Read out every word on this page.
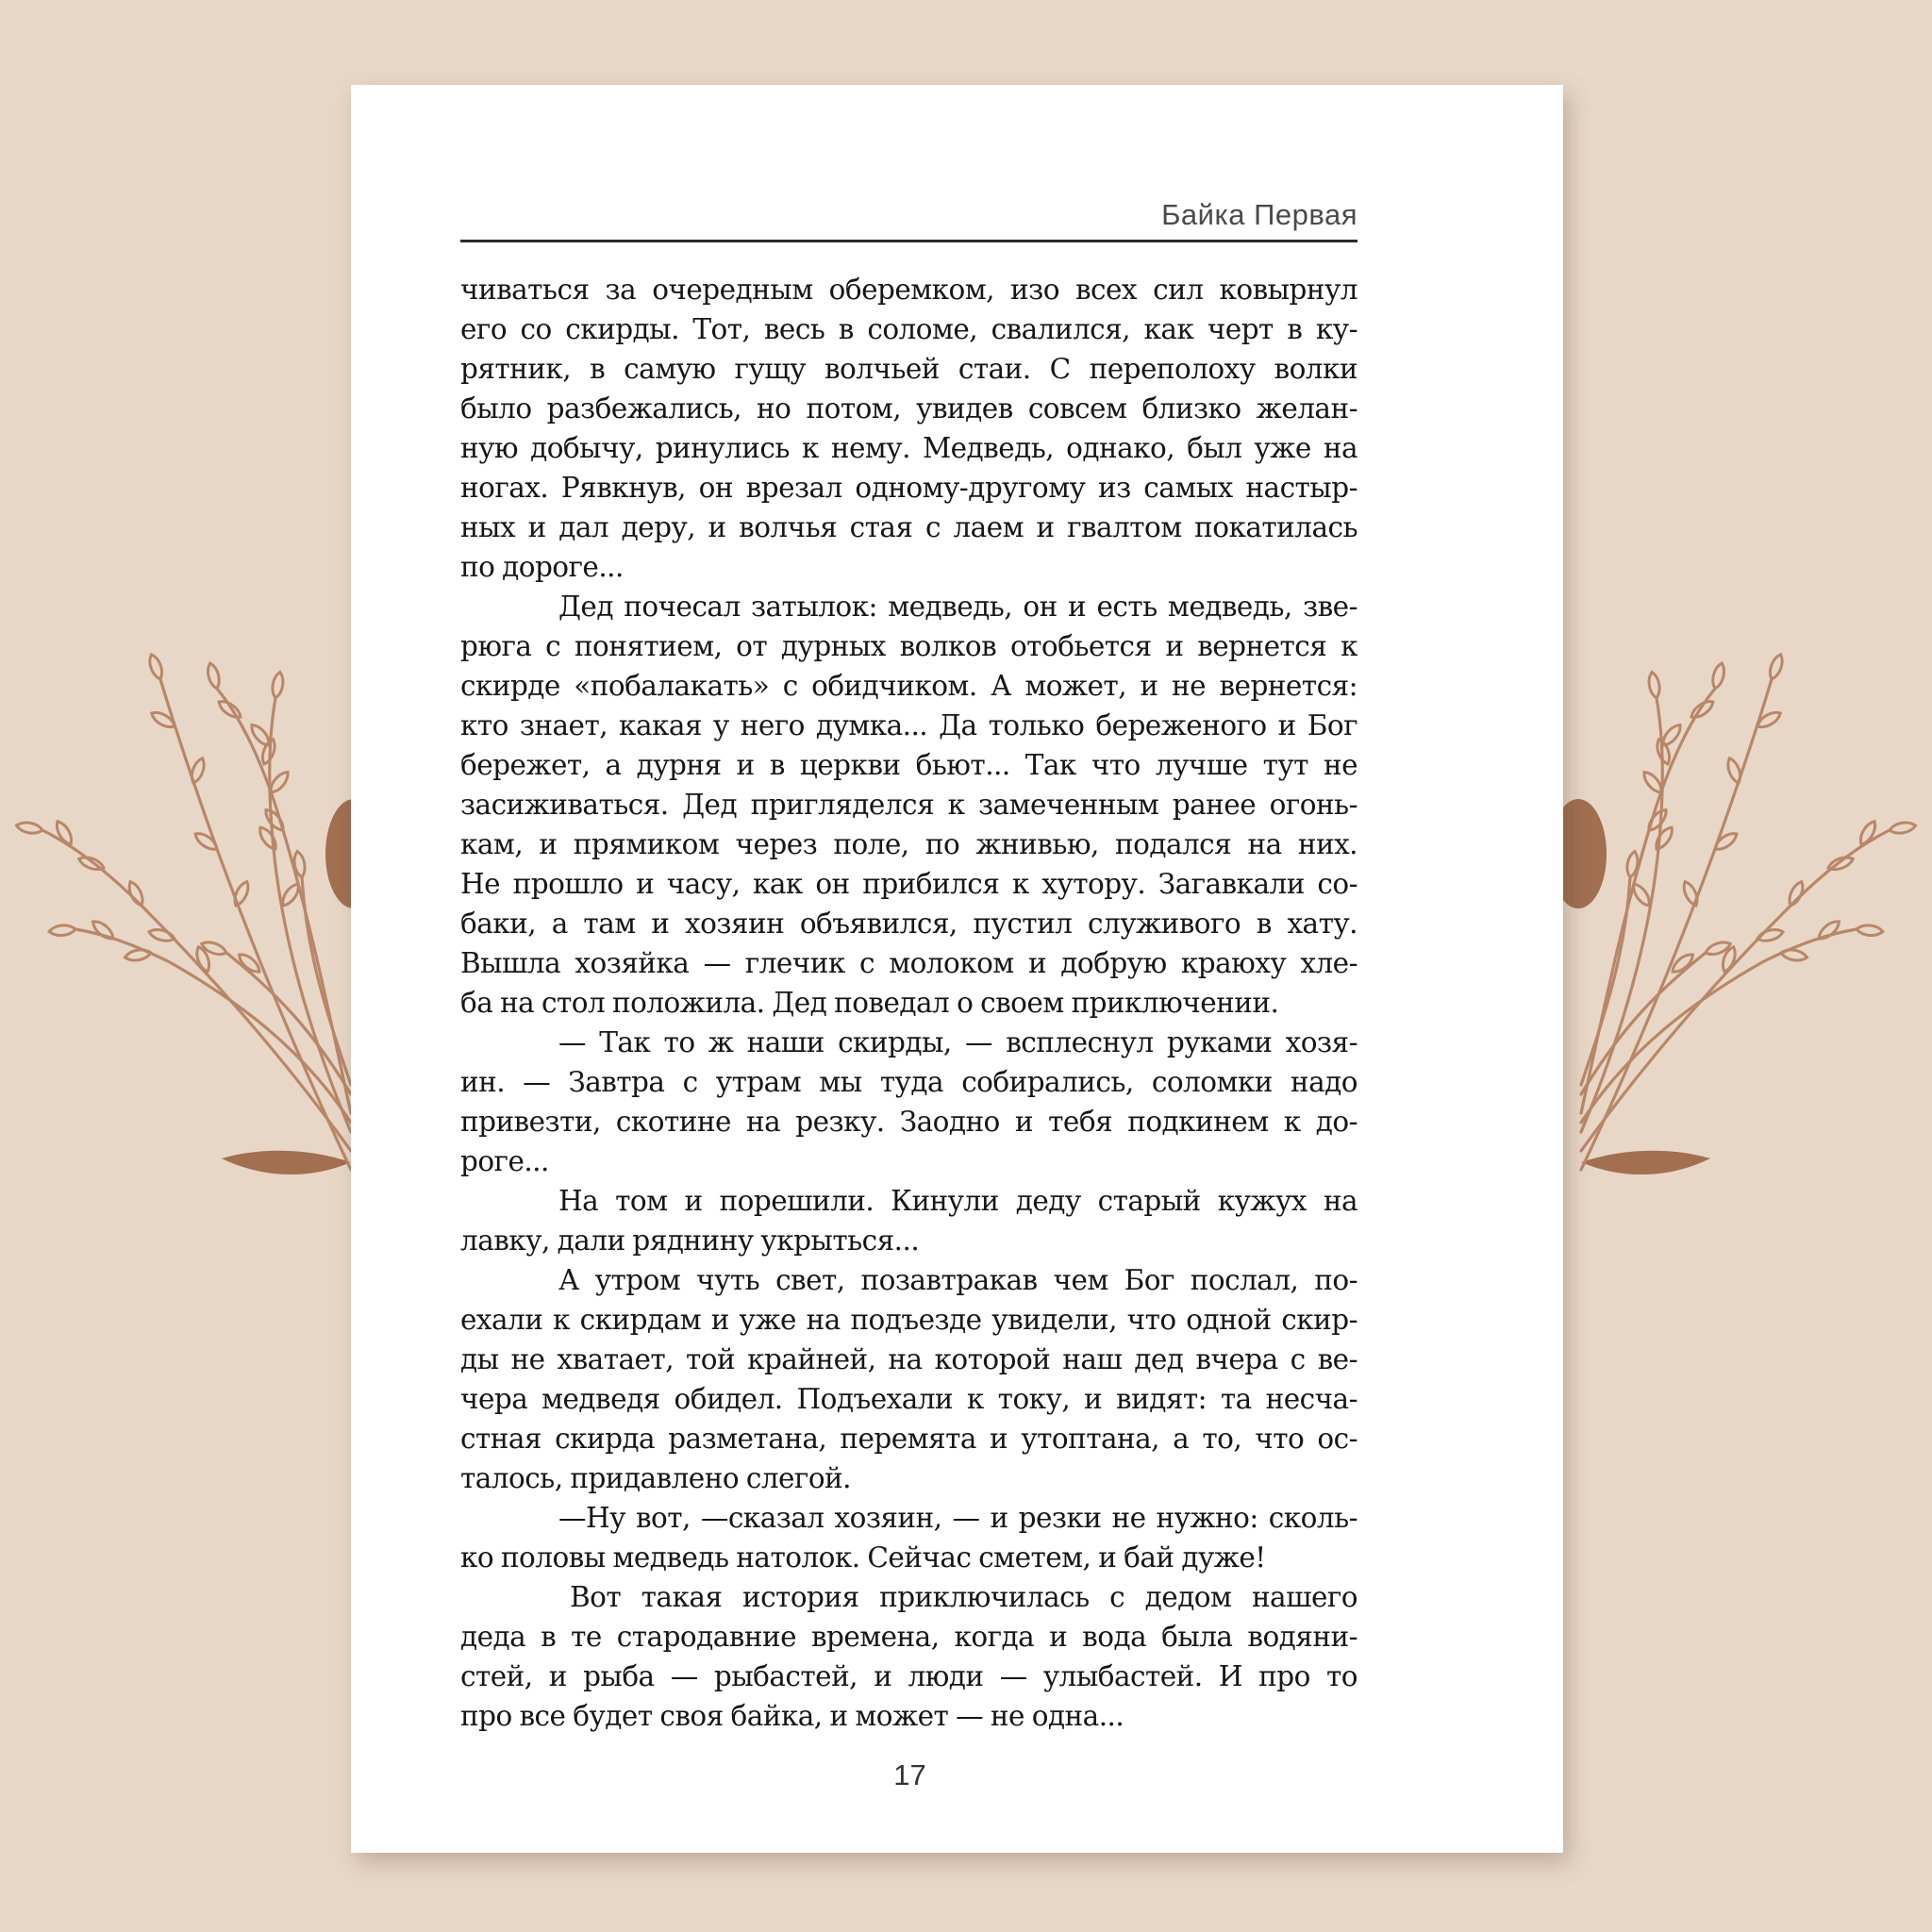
Байка Первая
чиваться за очередным оберемком, изо всех сил ковырнул
его со скирды. Тот, весь в соломе, свалился, как черт в ку-
рятник, в самую гущу волчьей стаи. С переполоху волки
было разбежались, но потом, увидев совсем близко желан-
ную добычу, ринулись к нему. Медведь, однако, был уже на
ногах. Рявкнув, он врезал одному-другому из самых настыр-
ных и дал деру, и волчья стая с лаем и гвалтом покатилась
по дороге...
Дед почесал затылок: медведь, он и есть медведь, зве-
рюга с понятием, от дурных волков отобьется и вернется к
скирде «побалакать» с обидчиком. А может, и не вернется:
кто знает, какая у него думка... Да только береженого и Бог
бережет, а дурня и в церкви бьют... Так что лучше тут не
засиживаться. Дед пригляделся к замеченным ранее огонь-
кам, и прямиком через поле, по жнивью, подался на них.
Не прошло и часу, как он прибился к хутору. Загавкали со-
баки, а там и хозяин объявился, пустил служивого в хату.
Вышла хозяйка — глечик с молоком и добрую краюху хле-
ба на стол положила. Дед поведал о своем приключении.
— Так то ж наши скирды, — всплеснул руками хозя-
ин. — Завтра с утрам мы туда собирались, соломки надо
привезти, скотине на резку. Заодно и тебя подкинем к до-
роге...
На том и порешили. Кинули деду старый кужух на
лавку, дали ряднину укрыться...
А утром чуть свет, позавтракав чем Бог послал, по-
ехали к скирдам и уже на подъезде увидели, что одной скир-
ды не хватает, той крайней, на которой наш дед вчера с ве-
чера медведя обидел. Подъехали к току, и видят: та несча-
стная скирда разметана, перемята и утоптана, а то, что ос-
талось, придавлено слегой.
—Ну вот, —сказал хозяин, — и резки не нужно: сколь-
ко половы медведь натолок. Сейчас сметем, и бай дуже!
Вот такая история приключилась с дедом нашего
деда в те стародавние времена, когда и вода была водяни-
стей, и рыба — рыбастей, и люди — улыбастей. И про то
про все будет своя байка, и может — не одна...
17
